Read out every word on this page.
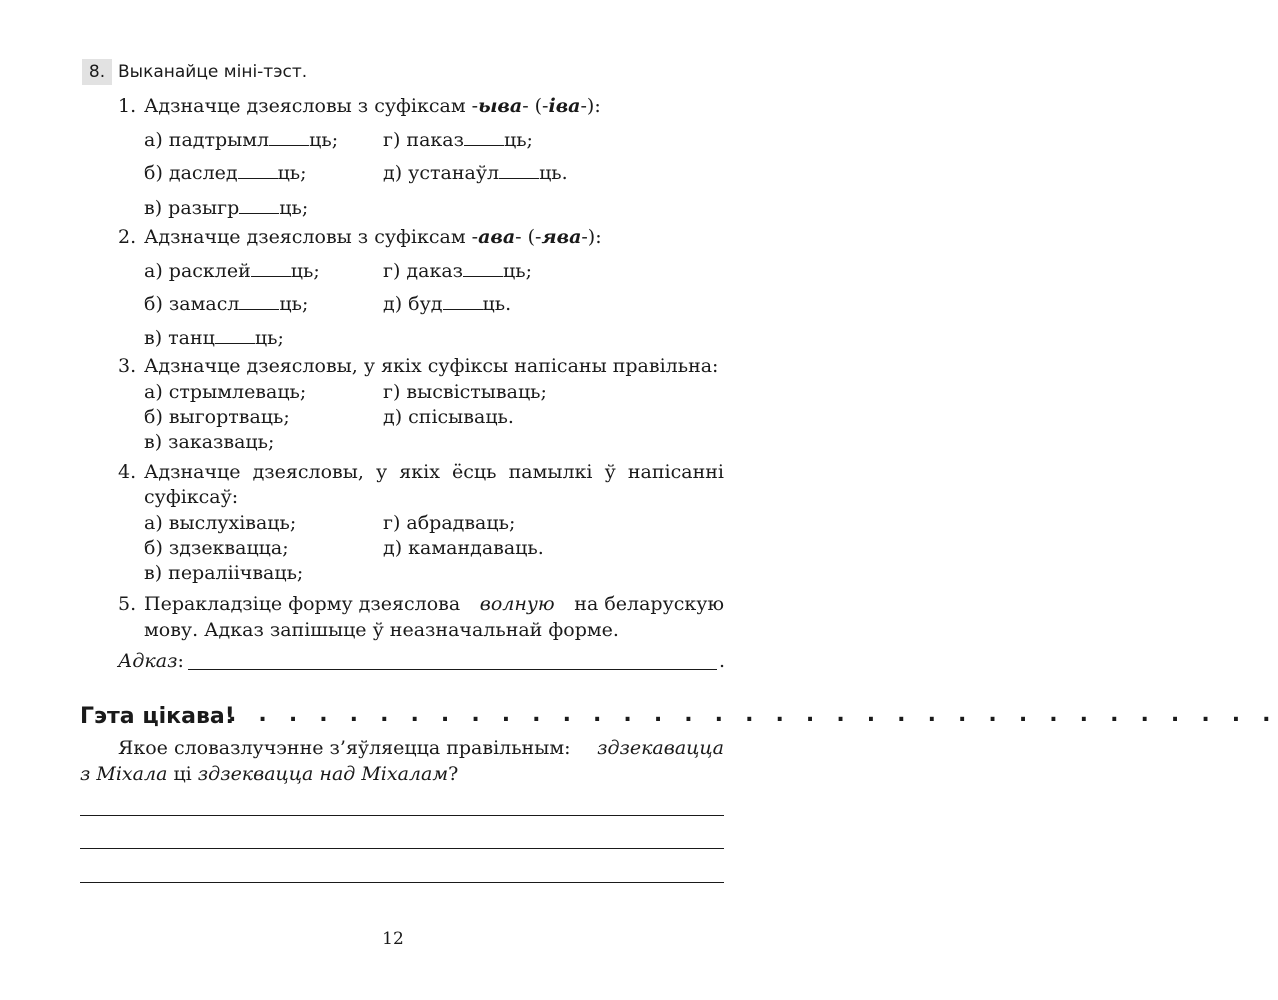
8. Выканайце міні-тэст.
1. Адзначце дзеясловы з суфіксам -ыва- (-іва-):
а) падтрымл ць; г) паказ ць;
б) дaслед ць;	д) устанаўл ць.
в) разыгр ць;
2. Адзначце дзеясловы з суфіксам -ава- (-ява-):
а) расклей ць;	г) даказ ць;
б) замасл ць;	д) буд ць.
в) танц ць;
3. Адзначце дзеясловы, у якіх суфіксы напісаны правільна:
а) стрымлеваць;	г) высвістываць;
б) выгортваць;	д) спісываць.
в) заказваць;
4. Адзначце дзеясловы, у якіх ёсць памылкі ў напісанні
суфіксаў:
а) выслухіваць;	г) абрадваць;
б) здзекваццa;	д) камандаваць.
в) пераліічваць;
5. Перакладзіце форму дзеяслова волную на беларускую
мову. Адказ запішыце ў неазначальнай форме.
Адказ:	.
Гэта цікава!
. . . . . . . . . . . . . . . . . . . . . . . . . . . . . . . . . . .
Якое словазлучэнне з’яўляецца правільным: здзекавацца
з Міхала ці здзеквацца над Міхалам?
12
